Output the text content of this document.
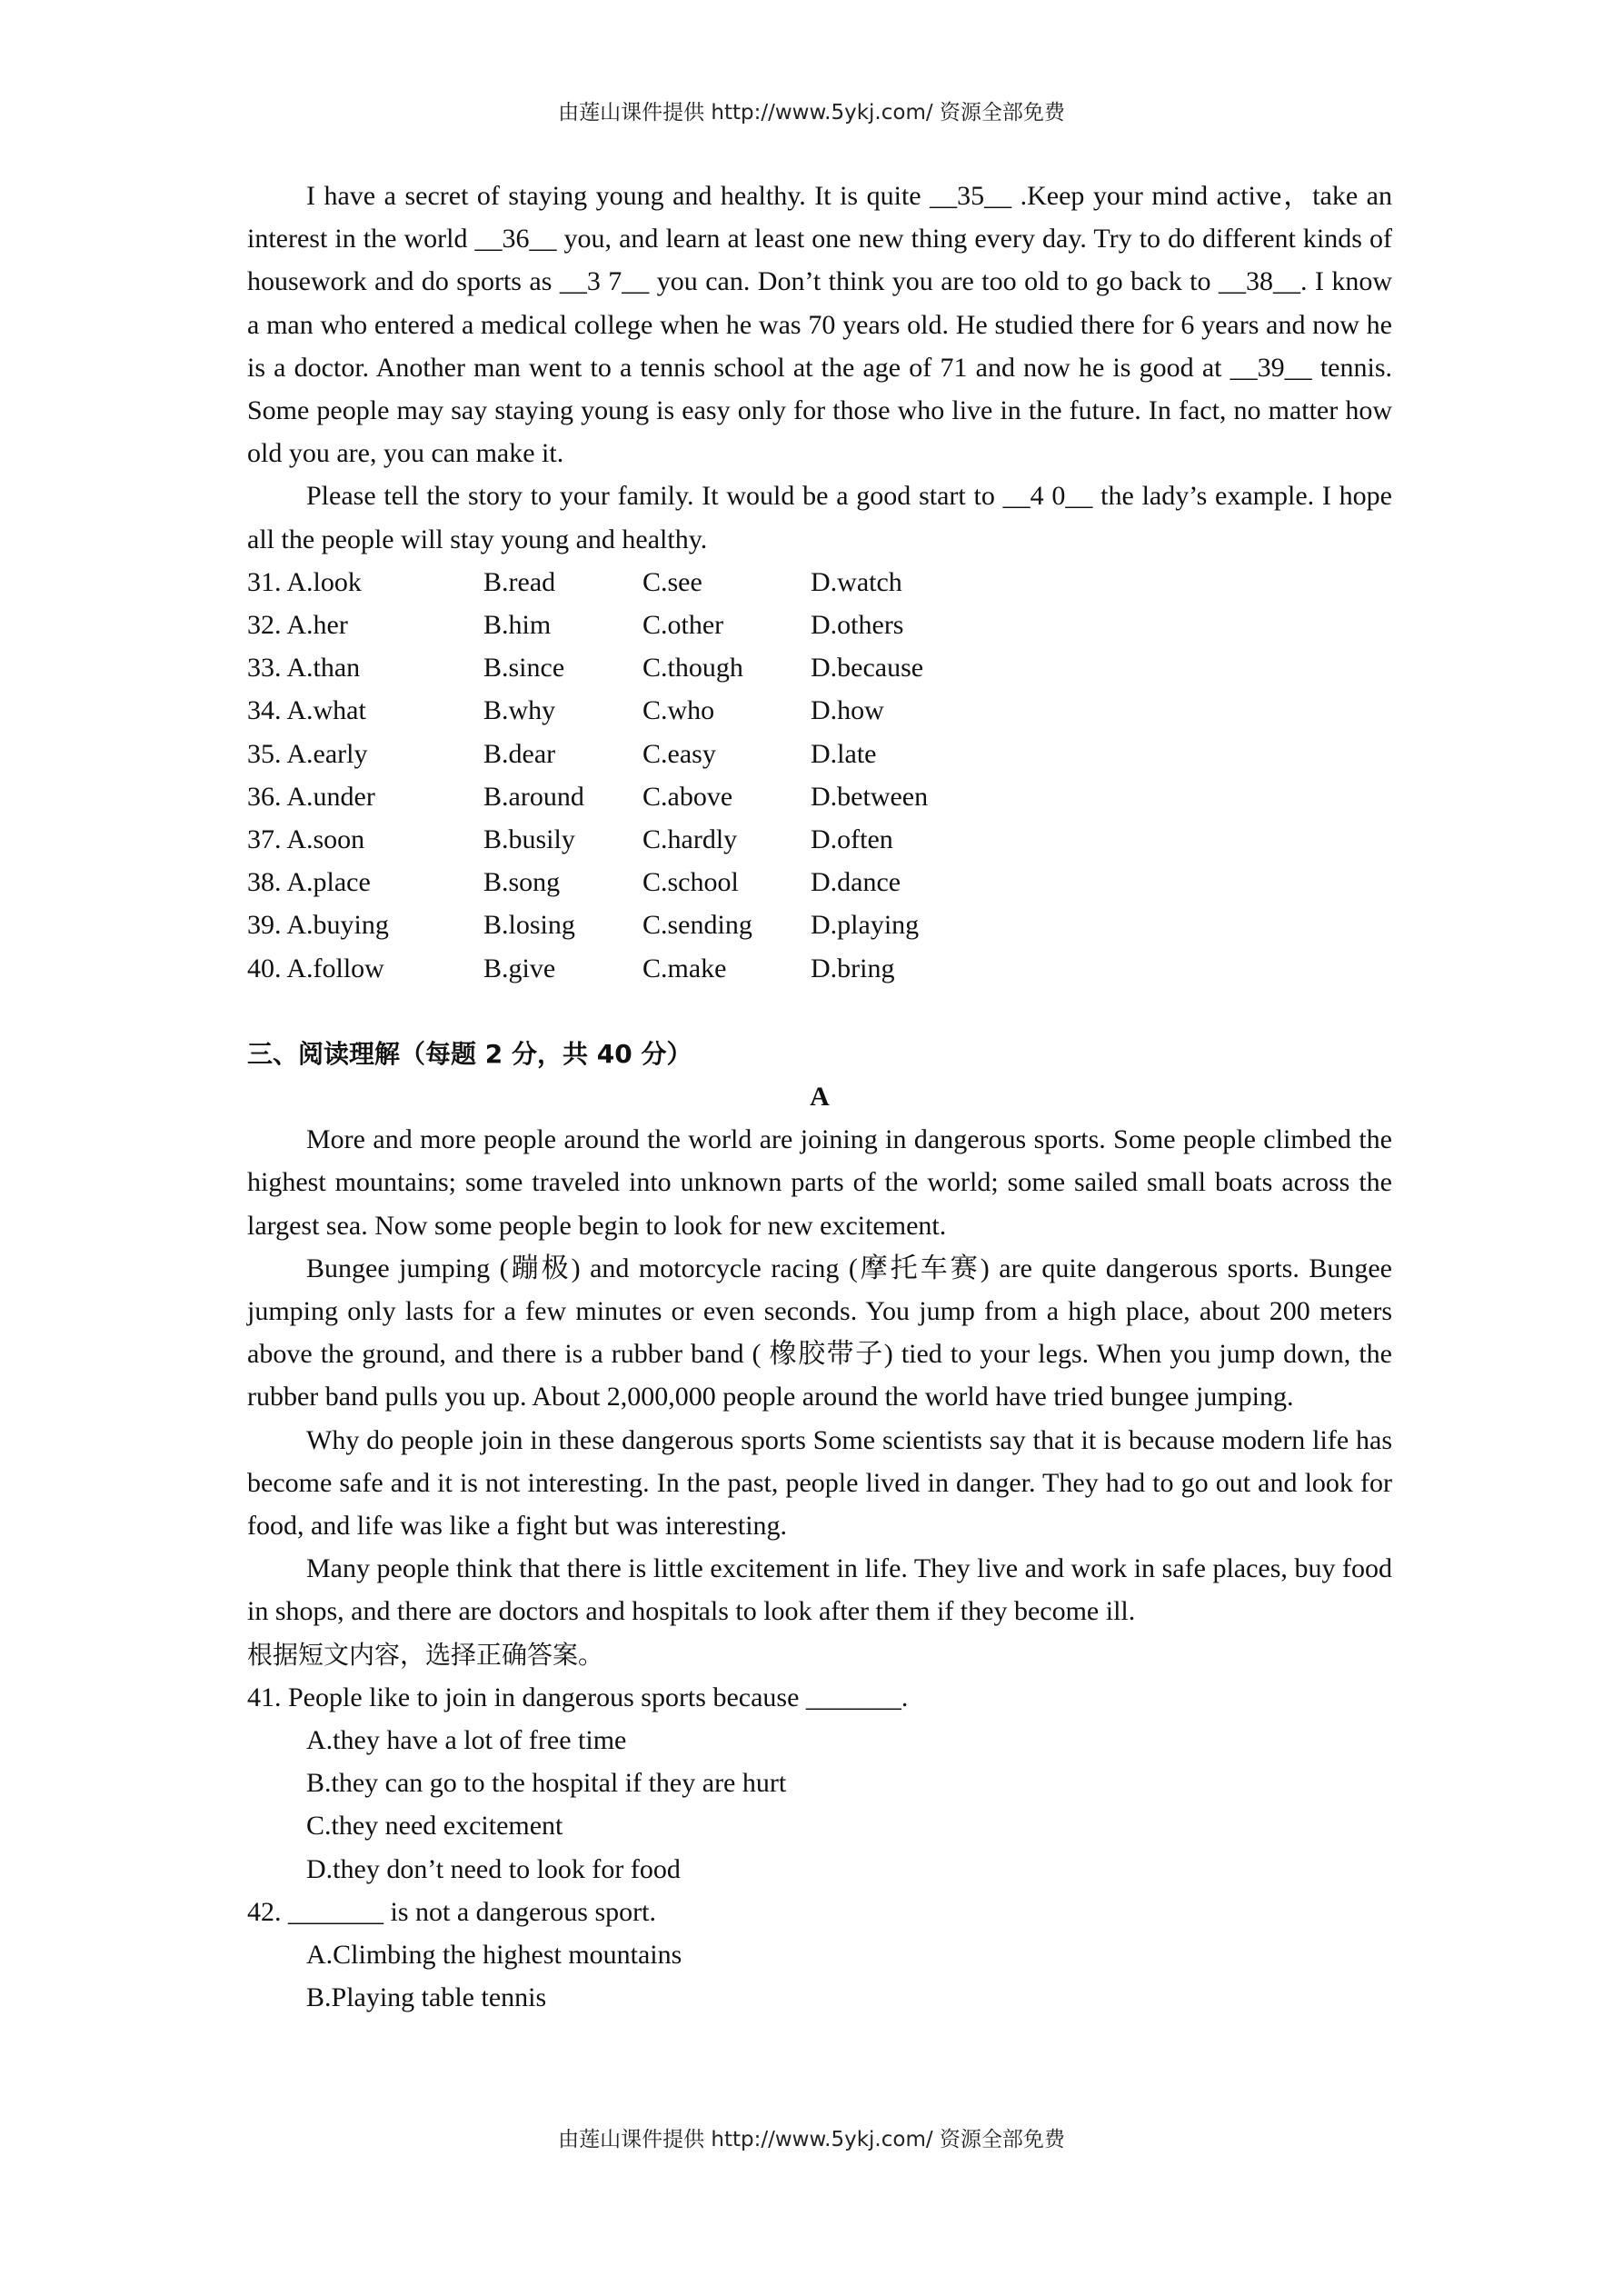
由莲山课件提供 http://www.5ykj.com/ 资源全部免费

I have a secret of staying young and healthy. It is quite __35__ .Keep your mind active，take an interest in the world __36__ you, and learn at least one new thing every day. Try to do different kinds of housework and do sports as __3 7__ you can. Don’t think you are too old to go back to __38__. I know a man who entered a medical college when he was 70 years old. He studied there for 6 years and now he is a doctor. Another man went to a tennis school at the age of 71 and now he is good at __39__ tennis. Some people may say staying young is easy only for those who live in the future. In fact, no matter how old you are, you can make it.

Please tell the story to your family. It would be a good start to __4 0__ the lady’s example. I hope all the people will stay young and healthy.

31. A.look	B.read	C.see	D.watch
32. A.her	B.him	C.other	D.others
33. A.than	B.since	C.though D.because
34. A.what	B.why	C.who	D.how
35. A.early	B.dear	C.easy	D.late
36. A.under	B.around C.above	D.between
37. A.soon	B.busily C.hardly	D.often
38. A.place	B.song	C.school	D.dance
39. A.buying	B.losing C.sending D.playing
40. A.follow	B.give	C.make	D.bring
三、阅读理解（每题 2 分，共 40 分）
A

More and more people around the world are joining in dangerous sports. Some people climbed the highest mountains; some traveled into unknown parts of the world; some sailed small boats across the largest sea. Now some people begin to look for new excitement.

Bungee jumping (蹦极) and motorcycle racing (摩托车赛) are quite dangerous sports. Bungee jumping only lasts for a few minutes or even seconds. You jump from a high place, about 200 meters above the ground, and there is a rubber band ( 橡胶带子) tied to your legs. When you jump down, the rubber band pulls you up. About 2,000,000 people around the world have tried bungee jumping.

Why do people join in these dangerous sports Some scientists say that it is because modern life has become safe and it is not interesting. In the past, people lived in danger. They had to go out and look for food, and life was like a fight but was interesting.

Many people think that there is little excitement in life. They live and work in safe places, buy food in shops, and there are doctors and hospitals to look after them if they become ill.

根据短文内容，选择正确答案。
41. People like to join in dangerous sports because _______.
A.they have a lot of free time
B.they can go to the hospital if they are hurt
C.they need excitement
D.they don’t need to look for food
42. _______ is not a dangerous sport.
A.Climbing the highest mountains
B.Playing table tennis
由莲山课件提供 http://www.5ykj.com/ 资源全部免费
